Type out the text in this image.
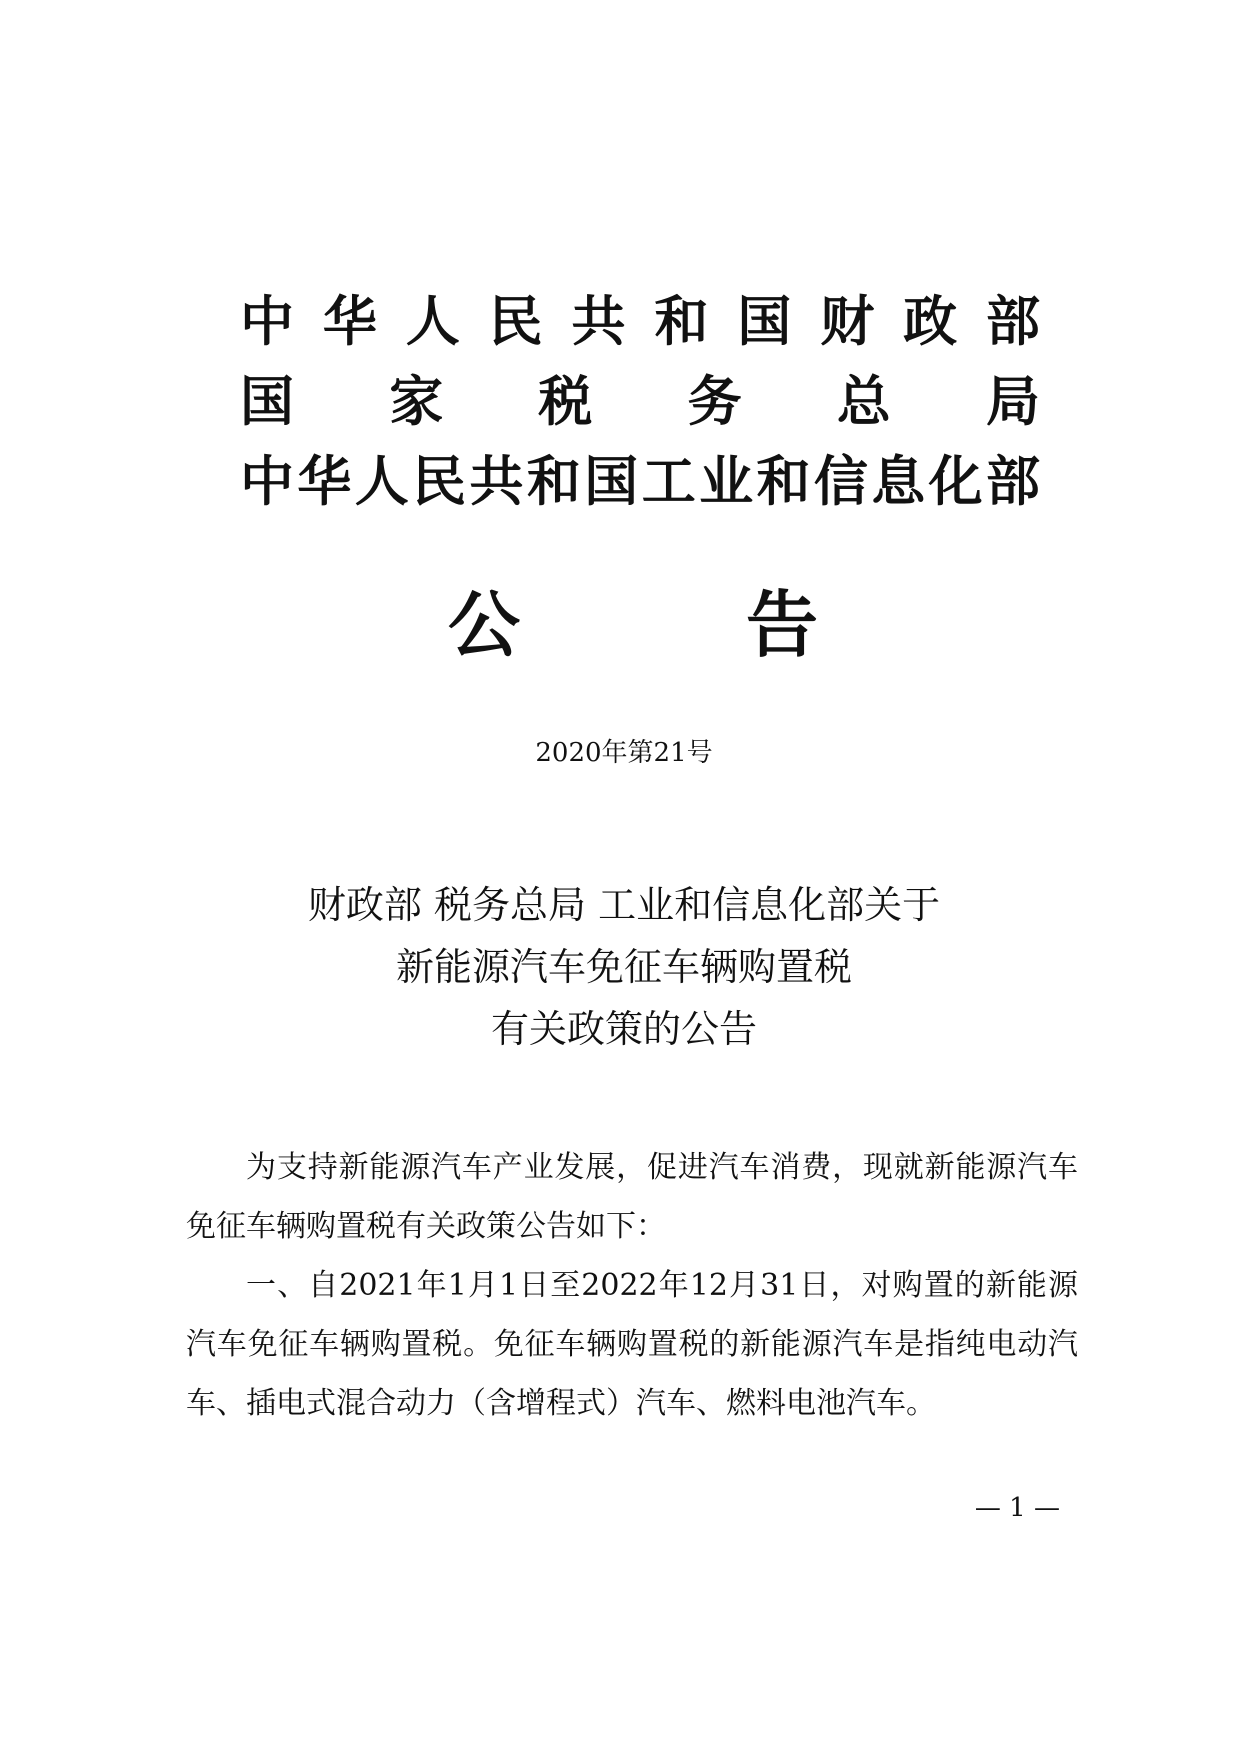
中华人民共和国财政部
国家税务总局
中华人民共和国工业和信息化部
公告
2020年第21号
财政部 税务总局 工业和信息化部关于
新能源汽车免征车辆购置税
有关政策的公告

为支持新能源汽车产业发展，促进汽车消费，现就新能源汽车免征车辆购置税有关政策公告如下：

一、自2021年1月1日至2022年12月31日，对购置的新能源汽车免征车辆购置税。免征车辆购置税的新能源汽车是指纯电动汽车、插电式混合动力（含增程式）汽车、燃料电池汽车。

— 1 —
